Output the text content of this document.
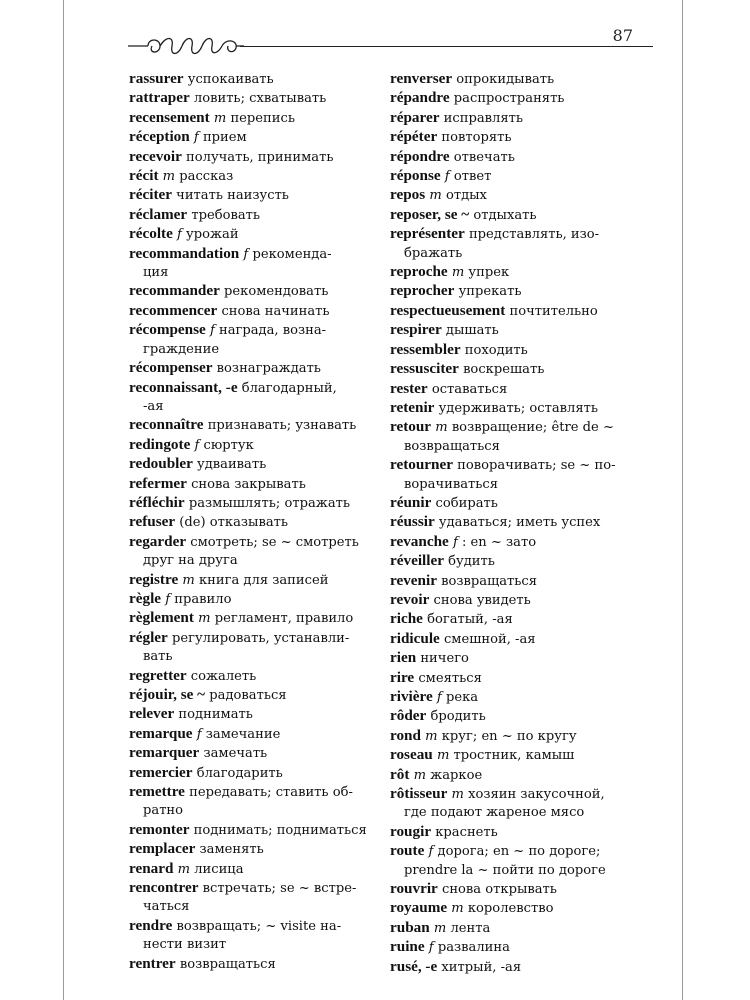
87

rassurer успокаивать

rattraper ловить; схватывать

recensement m перепись

réception f прием

recevoir получать, принимать

récit m рассказ

réciter читать наизусть

réclamer требовать

récolte f урожай

recommandation f рекоменда-
ция

recommander рекомендовать

recommencer снова начинать

récompense f награда, возна-
граждение

récompenser вознаграждать

reconnaissant, -e благодарный,
-ая

reconnaître признавать; узнавать

redingote f сюртук

redoubler удваивать

refermer снова закрывать

réfléchir размышлять; отражать

refuser (de) отказывать

regarder смотреть; se ~ смотреть
друг на друга

registre m книга для записей

règle f правило

règlement m регламент, правило

régler регулировать, устанавли-
вать

regretter сожалеть

réjouir, se ~ радоваться

relever поднимать

remarque f замечание

remarquer замечать

remercier благодарить

remettre передавать; ставить об-
ратно

remonter поднимать; подниматься

remplacer заменять

renard m лисица

rencontrer встречать; se ~ встре-
чаться

rendre возвращать; ~ visite на-
нести визит

rentrer возвращаться

renverser опрокидывать

répandre распространять

réparer исправлять

répéter повторять

répondre отвечать

réponse f ответ

repos m отдых

reposer, se ~ отдыхать

représenter представлять, изо-
бражать

reproche m упрек

reprocher упрекать

respectueusement почтительно

respirer дышать

ressembler походить

ressusciter воскрешать

rester оставаться

retenir удерживать; оставлять

retour m возвращение; être de ~
возвращаться

retourner поворачивать; se ~ по-
ворачиваться

réunir собирать

réussir удаваться; иметь успех

revanche f : en ~ зато

réveiller будить

revenir возвращаться

revoir снова увидеть

riche богатый, -ая

ridicule смешной, -ая

rien ничего

rire смеяться

rivière f река

rôder бродить

rond m круг; en ~ по кругу

roseau m тростник, камыш

rôt m жаркое

rôtisseur m хозяин закусочной,
где подают жареное мясо

rougir краснеть

route f дорога; en ~ по дороге;
prendre la ~ пойти по дороге

rouvrir снова открывать

royaume m королевство

ruban m лента

ruine f развалина

rusé, -e хитрый, -ая
